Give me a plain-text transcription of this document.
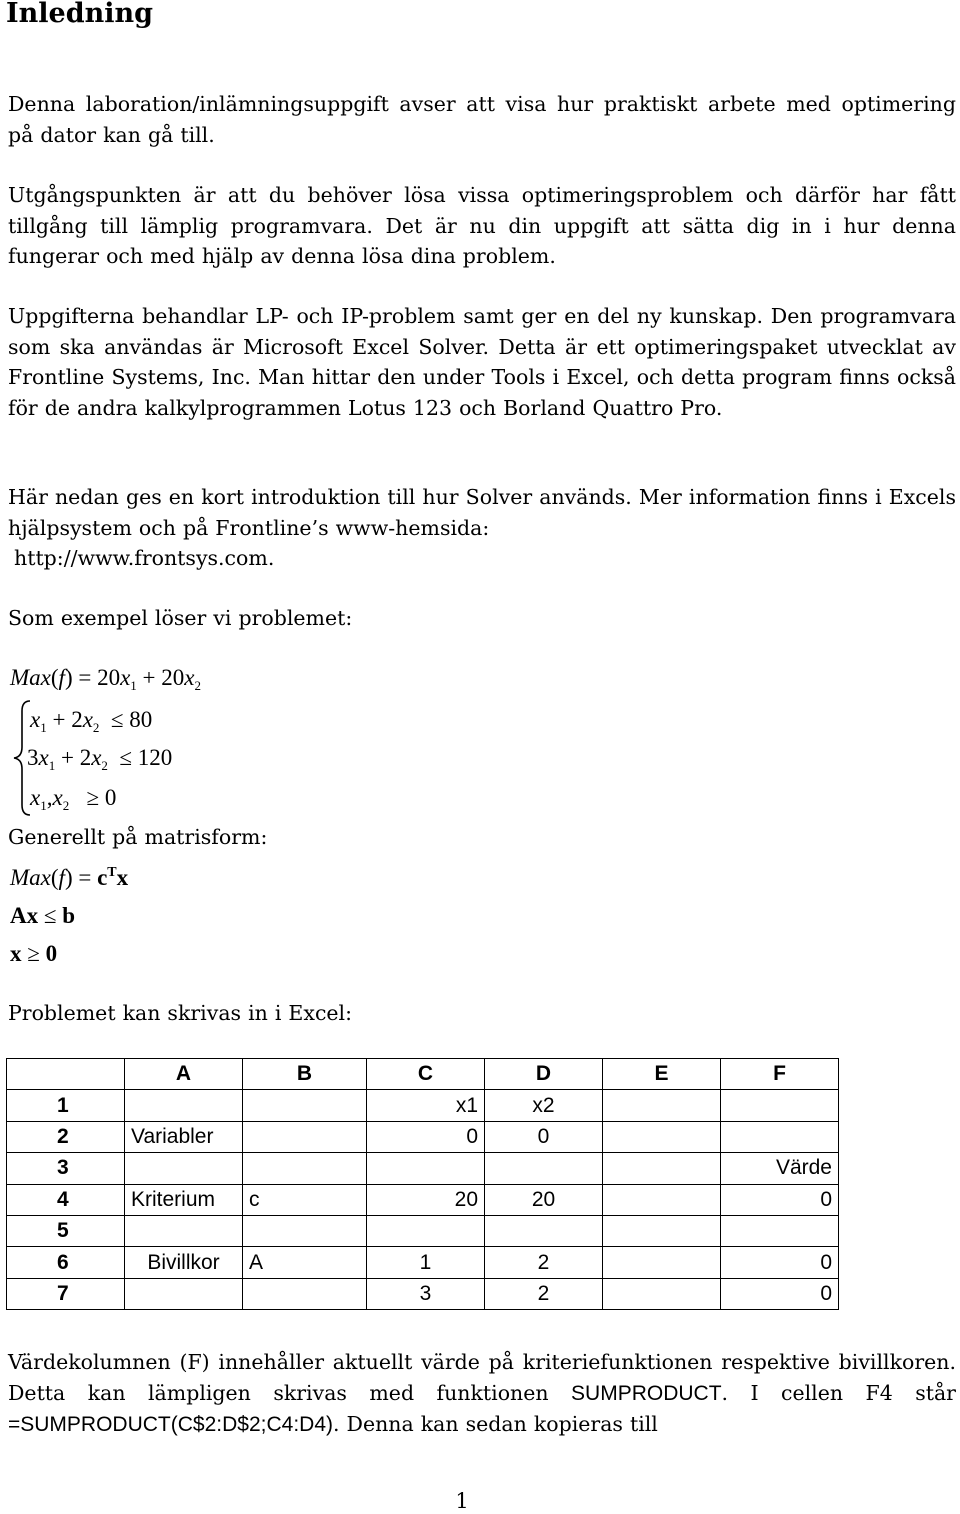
Inledning

Denna laboration/inlämningsuppgift avser att visa hur praktiskt arbete med optimering på dator kan gå till.

Utgångspunkten är att du behöver lösa vissa optimeringsproblem och därför har fått tillgång till lämplig programvara. Det är nu din uppgift att sätta dig in i hur denna fungerar och med hjälp av denna lösa dina problem.

Uppgifterna behandlar LP- och IP-problem samt ger en del ny kunskap. Den programvara som ska användas är Microsoft Excel Solver. Detta är ett optimeringspaket utvecklat av Frontline Systems, Inc. Man hittar den under Tools i Excel, och detta program finns också för de andra kalkylprogrammen Lotus 123 och Borland Quattro Pro.

Här nedan ges en kort introduktion till hur Solver används. Mer information finns i Excels hjälpsystem och på Frontline’s www-hemsida:
http://www.frontsys.com.

Som exempel löser vi problemet:

$Max(f) = 20x_1 + 20x_2$
$x_1 + 2x_2 \le 80$
$3x_1 + 2x_2 \le 120$
$x_1,x_2 \ge 0$

Generellt på matrisform:

$Max(f) = c^Tx$
Ax ≤ b
x ≥ 0

Problemet kan skrivas in i Excel:

	A	B	C	D	E	F
1			x1	x2		
2	Variabler		0	0		
3						Värde
4	Kriterium	c	20	20		0
5						
6	Bivillkor	A	1	2		0
7			3	2		0

Värdekolumnen (F) innehåller aktuellt värde på kriteriefunktionen respektive bivillkoren. Detta kan lämpligen skrivas med funktionen SUMPRODUCT. I cellen F4 står =SUMPRODUCT(C$2:D$2;C4:D4). Denna kan sedan kopieras till

1
